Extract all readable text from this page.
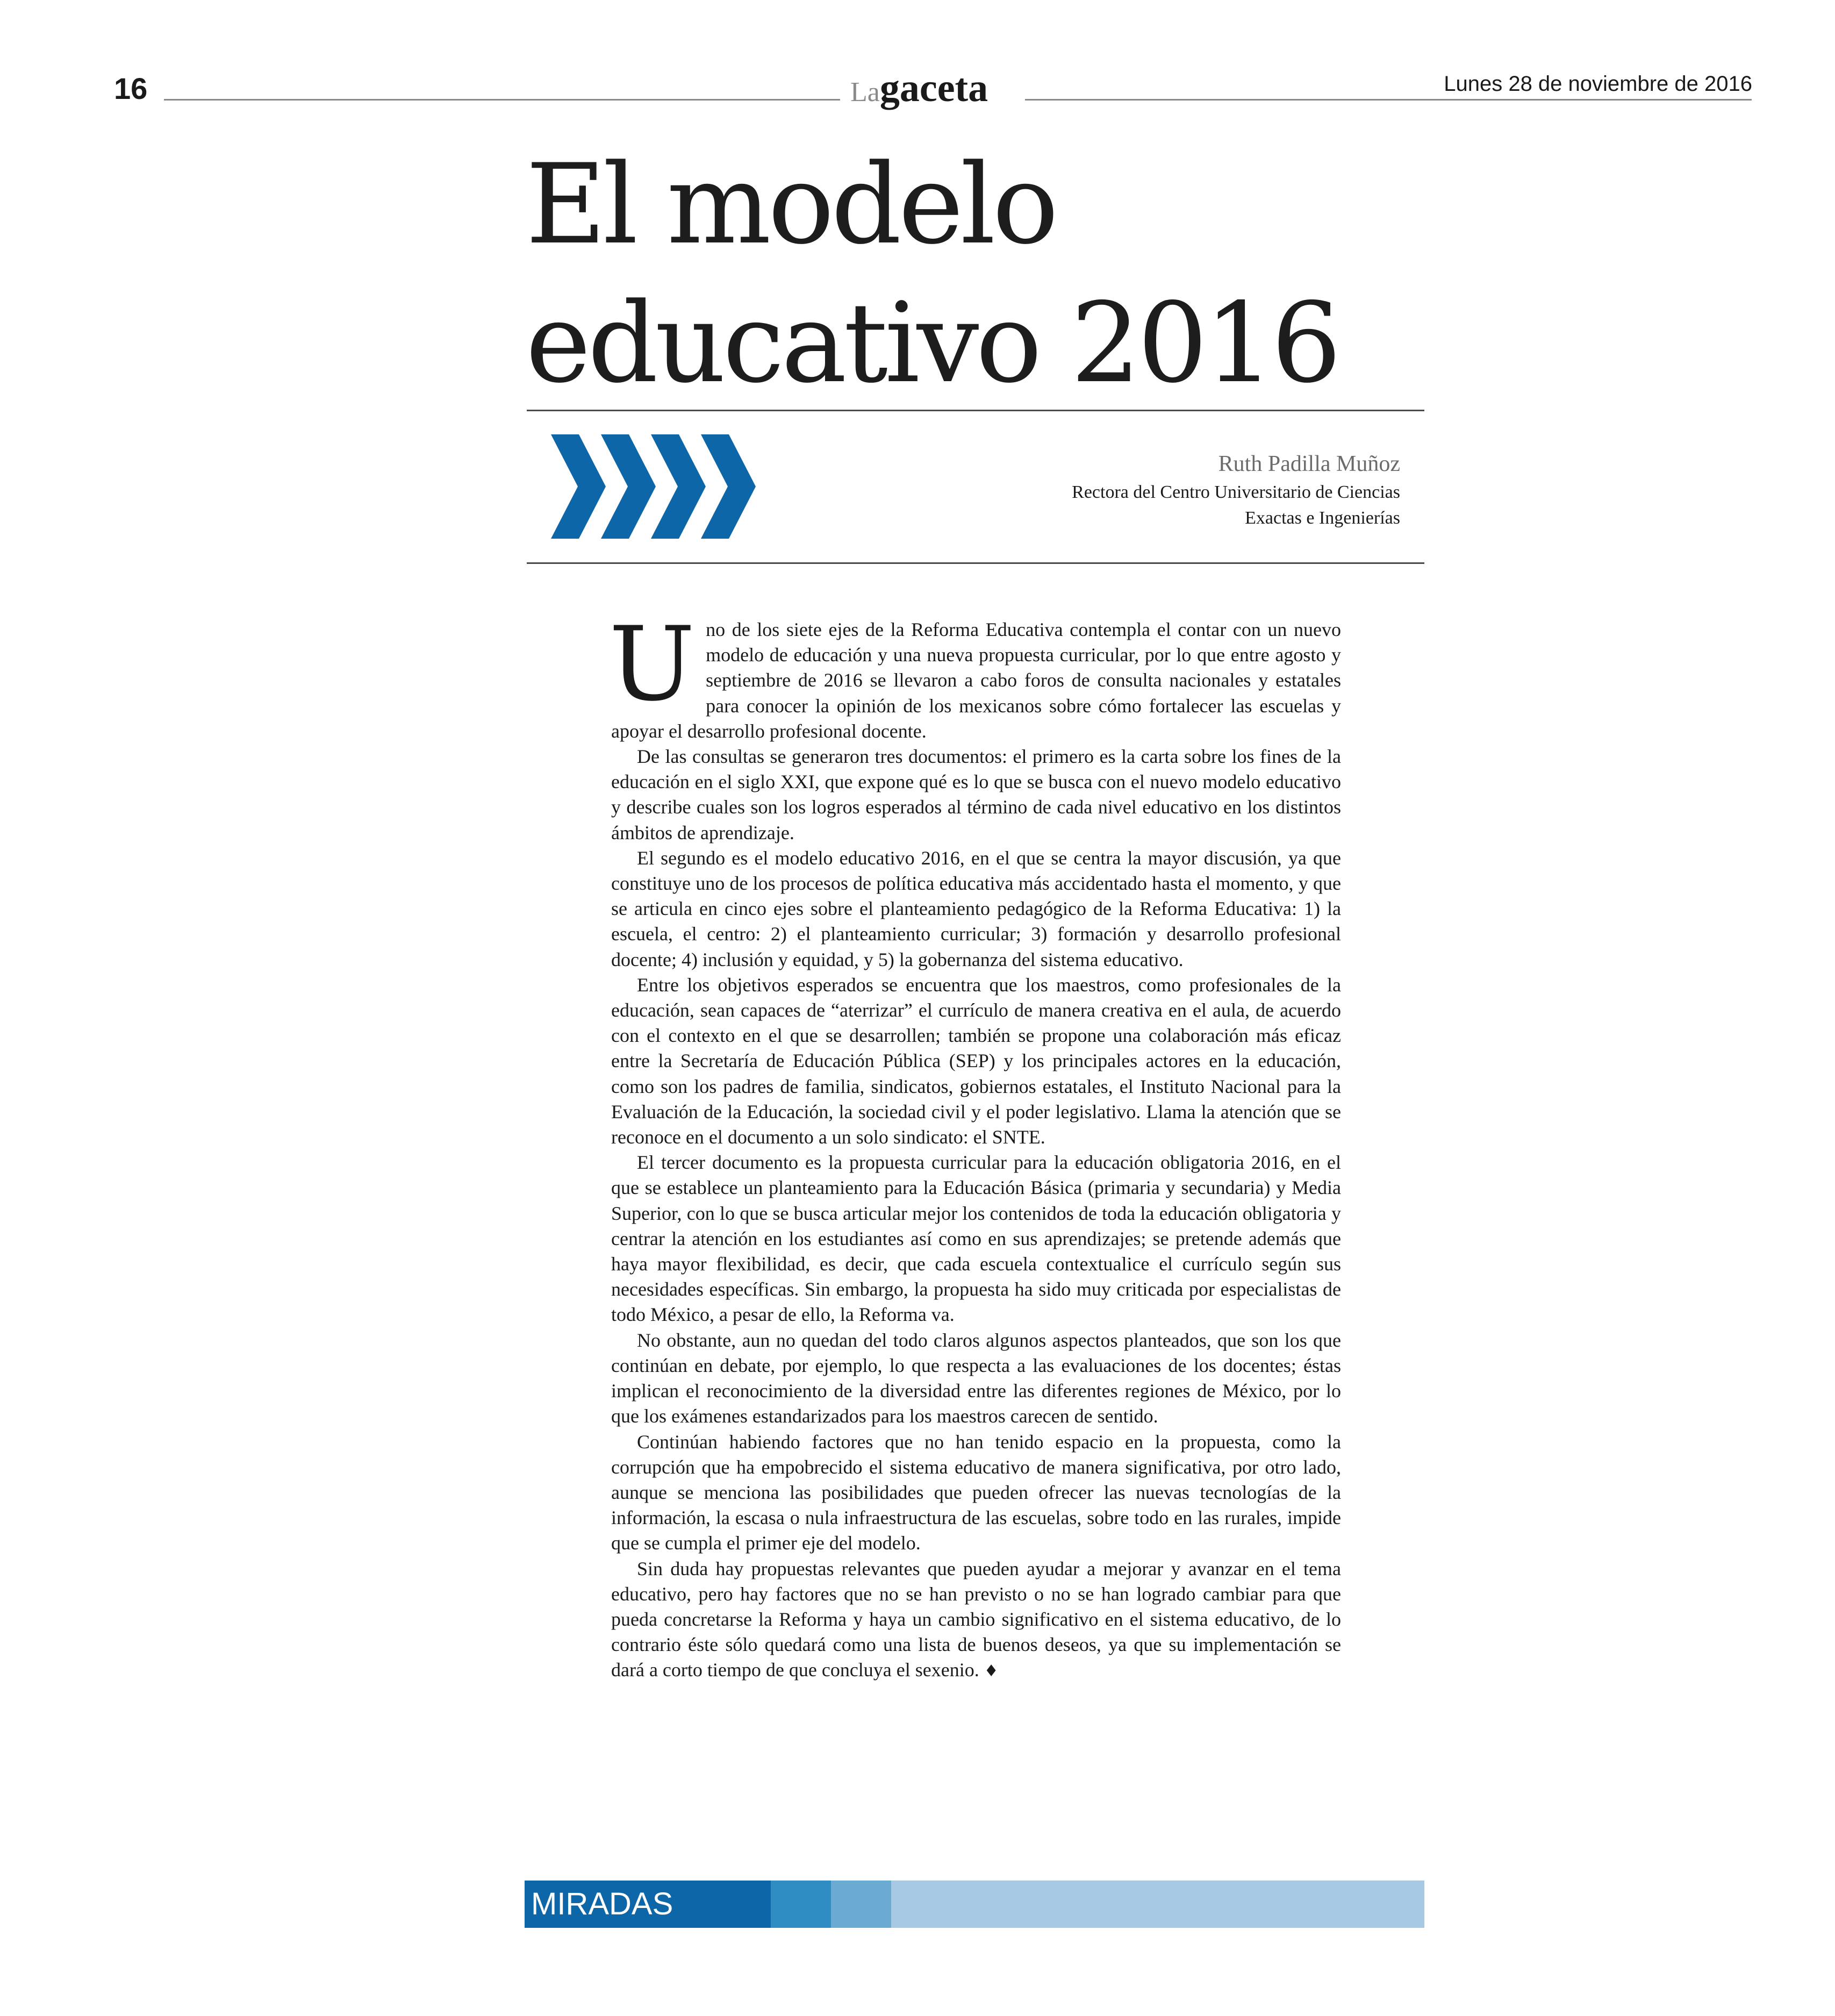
16	Lagaceta	Lunes 28 de noviembre de 2016
El modelo
educativo 2016
Ruth Padilla Muñoz
Rectora del Centro Universitario de Ciencias
Exactas e Ingenierías

Uno de los siete ejes de la Reforma Educativa contempla el contar con un nuevo modelo de educación y una nueva propuesta curricular, por lo que entre agosto y septiembre de 2016 se llevaron a cabo foros de consulta nacionales y estatales para conocer la opinión de los mexicanos sobre cómo fortalecer las escuelas y apoyar el desarrollo profesional docente.

De las consultas se generaron tres documentos: el primero es la carta sobre los fines de la educación en el siglo XXI, que expone qué es lo que se busca con el nuevo modelo educativo y describe cuales son los logros esperados al término de cada nivel educativo en los distintos ámbitos de aprendizaje.

El segundo es el modelo educativo 2016, en el que se centra la mayor discusión, ya que constituye uno de los procesos de política educativa más accidentado hasta el momento, y que se articula en cinco ejes sobre el planteamiento pedagógico de la Reforma Educativa: 1) la escuela, el centro: 2) el planteamiento curricular; 3) formación y desarrollo profesional docente; 4) inclusión y equidad, y 5) la gobernanza del sistema educativo.

Entre los objetivos esperados se encuentra que los maestros, como profesionales de la educación, sean capaces de “aterrizar” el currículo de manera creativa en el aula, de acuerdo con el contexto en el que se desarrollen; también se propone una colaboración más eficaz entre la Secretaría de Educación Pública (SEP) y los principales actores en la educación, como son los padres de familia, sindicatos, gobiernos estatales, el Instituto Nacional para la Evaluación de la Educación, la sociedad civil y el poder legislativo. Llama la atención que se reconoce en el documento a un solo sindicato: el SNTE.

El tercer documento es la propuesta curricular para la educación obligatoria 2016, en el que se establece un planteamiento para la Educación Básica (primaria y secundaria) y Media Superior, con lo que se busca articular mejor los contenidos de toda la educación obligatoria y centrar la atención en los estudiantes así como en sus aprendizajes; se pretende además que haya mayor flexibilidad, es decir, que cada escuela contextualice el currículo según sus necesidades específicas. Sin embargo, la propuesta ha sido muy criticada por especialistas de todo México, a pesar de ello, la Reforma va.

No obstante, aun no quedan del todo claros algunos aspectos planteados, que son los que continúan en debate, por ejemplo, lo que respecta a las evaluaciones de los docentes; éstas implican el reconocimiento de la diversidad entre las diferentes regiones de México, por lo que los exámenes estandarizados para los maestros carecen de sentido.

Continúan habiendo factores que no han tenido espacio en la propuesta, como la corrupción que ha empobrecido el sistema educativo de manera significativa, por otro lado, aunque se menciona las posibilidades que pueden ofrecer las nuevas tecnologías de la información, la escasa o nula infraestructura de las escuelas, sobre todo en las rurales, impide que se cumpla el primer eje del modelo.

Sin duda hay propuestas relevantes que pueden ayudar a mejorar y avanzar en el tema educativo, pero hay factores que no se han previsto o no se han logrado cambiar para que pueda concretarse la Reforma y haya un cambio significativo en el sistema educativo, de lo contrario éste sólo quedará como una lista de buenos deseos, ya que su implementación se dará a corto tiempo de que concluya el sexenio. ♦

MIRADAS
